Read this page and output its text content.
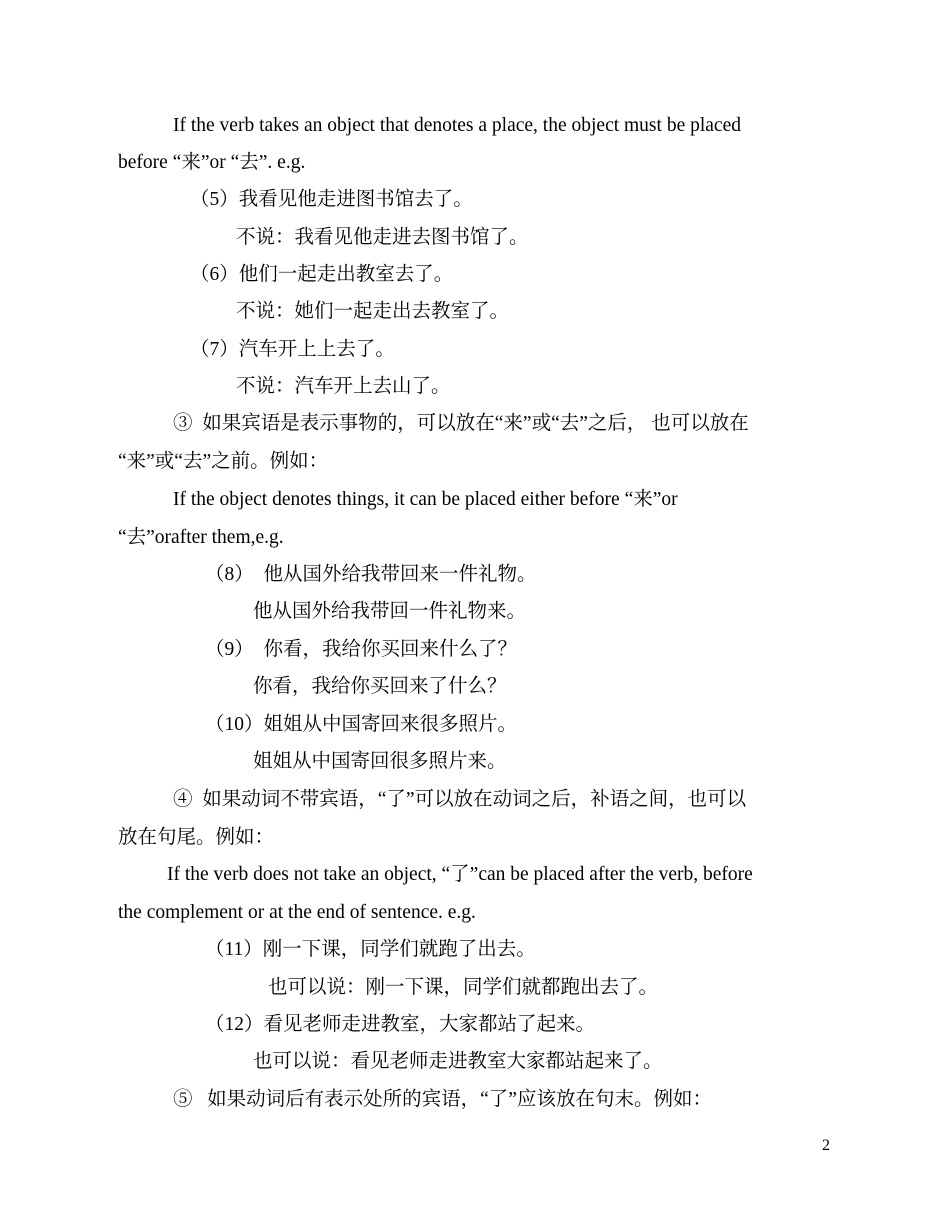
If the verb takes an object that denotes a place, the object must be placed
before “来”or “去”. e.g.
（5）我看见他走进图书馆去了。
不说：我看见他走进去图书馆了。
（6）他们一起走出教室去了。
不说：她们一起走出去教室了。
（7）汽车开上上去了。
不说：汽车开上去山了。
③ 如果宾语是表示事物的，可以放在“来”或“去”之后， 也可以放在
“来”或“去”之前。例如：
If the object denotes things, it can be placed either before “来”or
“去”orafter them,e.g.
（8） 他从国外给我带回来一件礼物。
他从国外给我带回一件礼物来。
（9） 你看，我给你买回来什么了？
你看，我给你买回来了什么？
（10）姐姐从中国寄回来很多照片。
姐姐从中国寄回很多照片来。
④ 如果动词不带宾语，“了”可以放在动词之后，补语之间，也可以
放在句尾。例如：
If the verb does not take an object, “了”can be placed after the verb, before
the complement or at the end of sentence. e.g.
（11）刚一下课，同学们就跑了出去。
也可以说：刚一下课，同学们就都跑出去了。
（12）看见老师走进教室，大家都站了起来。
也可以说：看见老师走进教室大家都站起来了。
⑤ 如果动词后有表示处所的宾语，“了”应该放在句末。例如：
2
